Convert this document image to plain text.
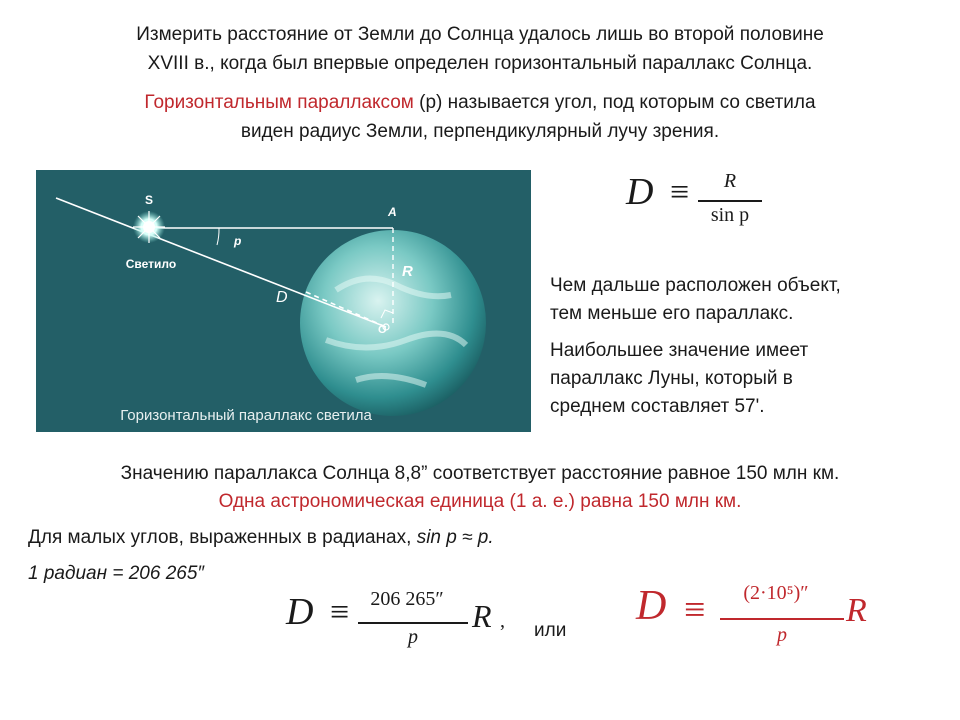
Измерить расстояние от Земли до Солнца удалось лишь во второй половине
XVIII в., когда был впервые определен горизонтальный параллакс Солнца.
Горизонтальным параллаксом (p) называется угол, под которым со светила
виден радиус Земли, перпендикулярный лучу зрения.
S
Светило
p
A
R
D
O
Горизонтальный параллакс светила
D ≡	R
sin p
Чем дальше расположен объект,
тем меньше его параллакс.
Наибольшее значение имеет
параллакс Луны, который в
среднем составляет 57'.
Значению параллакса Солнца 8,8” соответствует расстояние равное 150 млн км.
Одна астрономическая единица (1 а. е.) равна 150 млн км.
Для малых углов, выраженных в радианах, sin p ≈ p.
1 радиан = 206 265″
D ≡	206 265″
p
R , или
D ≡	(2·10⁵)″
p
R
